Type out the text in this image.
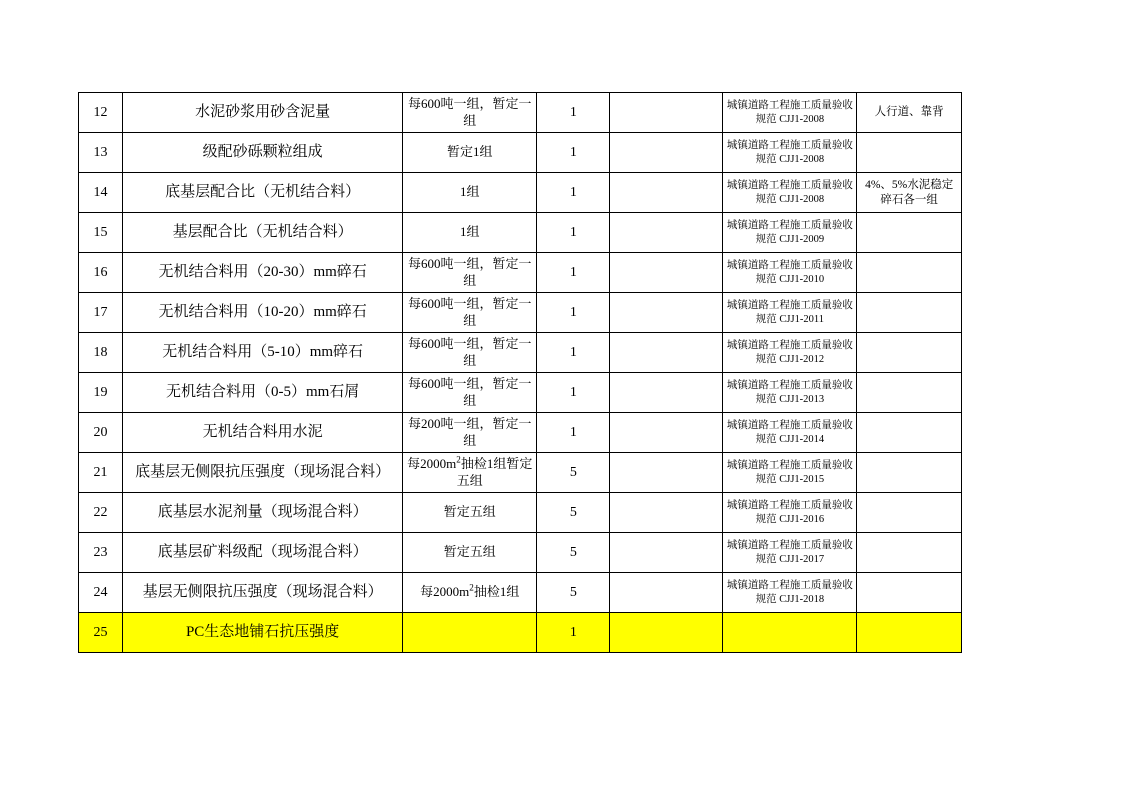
12	水泥砂浆用砂含泥量	每600吨一组，暂定一组	1		城镇道路工程施工质量验收规范 CJJ1-2008	人行道、靠背
13	级配砂砾颗粒组成	暂定1组	1		城镇道路工程施工质量验收规范 CJJ1-2008	
14	底基层配合比（无机结合料）	1组	1		城镇道路工程施工质量验收规范 CJJ1-2008	4%、5%水泥稳定碎石各一组
15	基层配合比（无机结合料）	1组	1		城镇道路工程施工质量验收规范 CJJ1-2009	
16	无机结合料用（20-30）mm碎石	每600吨一组，暂定一组	1		城镇道路工程施工质量验收规范 CJJ1-2010	
17	无机结合料用（10-20）mm碎石	每600吨一组，暂定一组	1		城镇道路工程施工质量验收规范 CJJ1-2011	
18	无机结合料用（5-10）mm碎石	每600吨一组，暂定一组	1		城镇道路工程施工质量验收规范 CJJ1-2012	
19	无机结合料用（0-5）mm石屑	每600吨一组，暂定一组	1		城镇道路工程施工质量验收规范 CJJ1-2013	
20	无机结合料用水泥	每200吨一组，暂定一组	1		城镇道路工程施工质量验收规范 CJJ1-2014	
21	底基层无侧限抗压强度（现场混合料）	每$2000m^2$抽检1组暂定五组	5		城镇道路工程施工质量验收规范 CJJ1-2015	
22	底基层水泥剂量（现场混合料）	暂定五组	5		城镇道路工程施工质量验收规范 CJJ1-2016	
23	底基层矿料级配（现场混合料）	暂定五组	5		城镇道路工程施工质量验收规范 CJJ1-2017	
24	基层无侧限抗压强度（现场混合料）	每$2000m^2$抽检1组	5		城镇道路工程施工质量验收规范 CJJ1-2018	
25	PC生态地铺石抗压强度		1			
